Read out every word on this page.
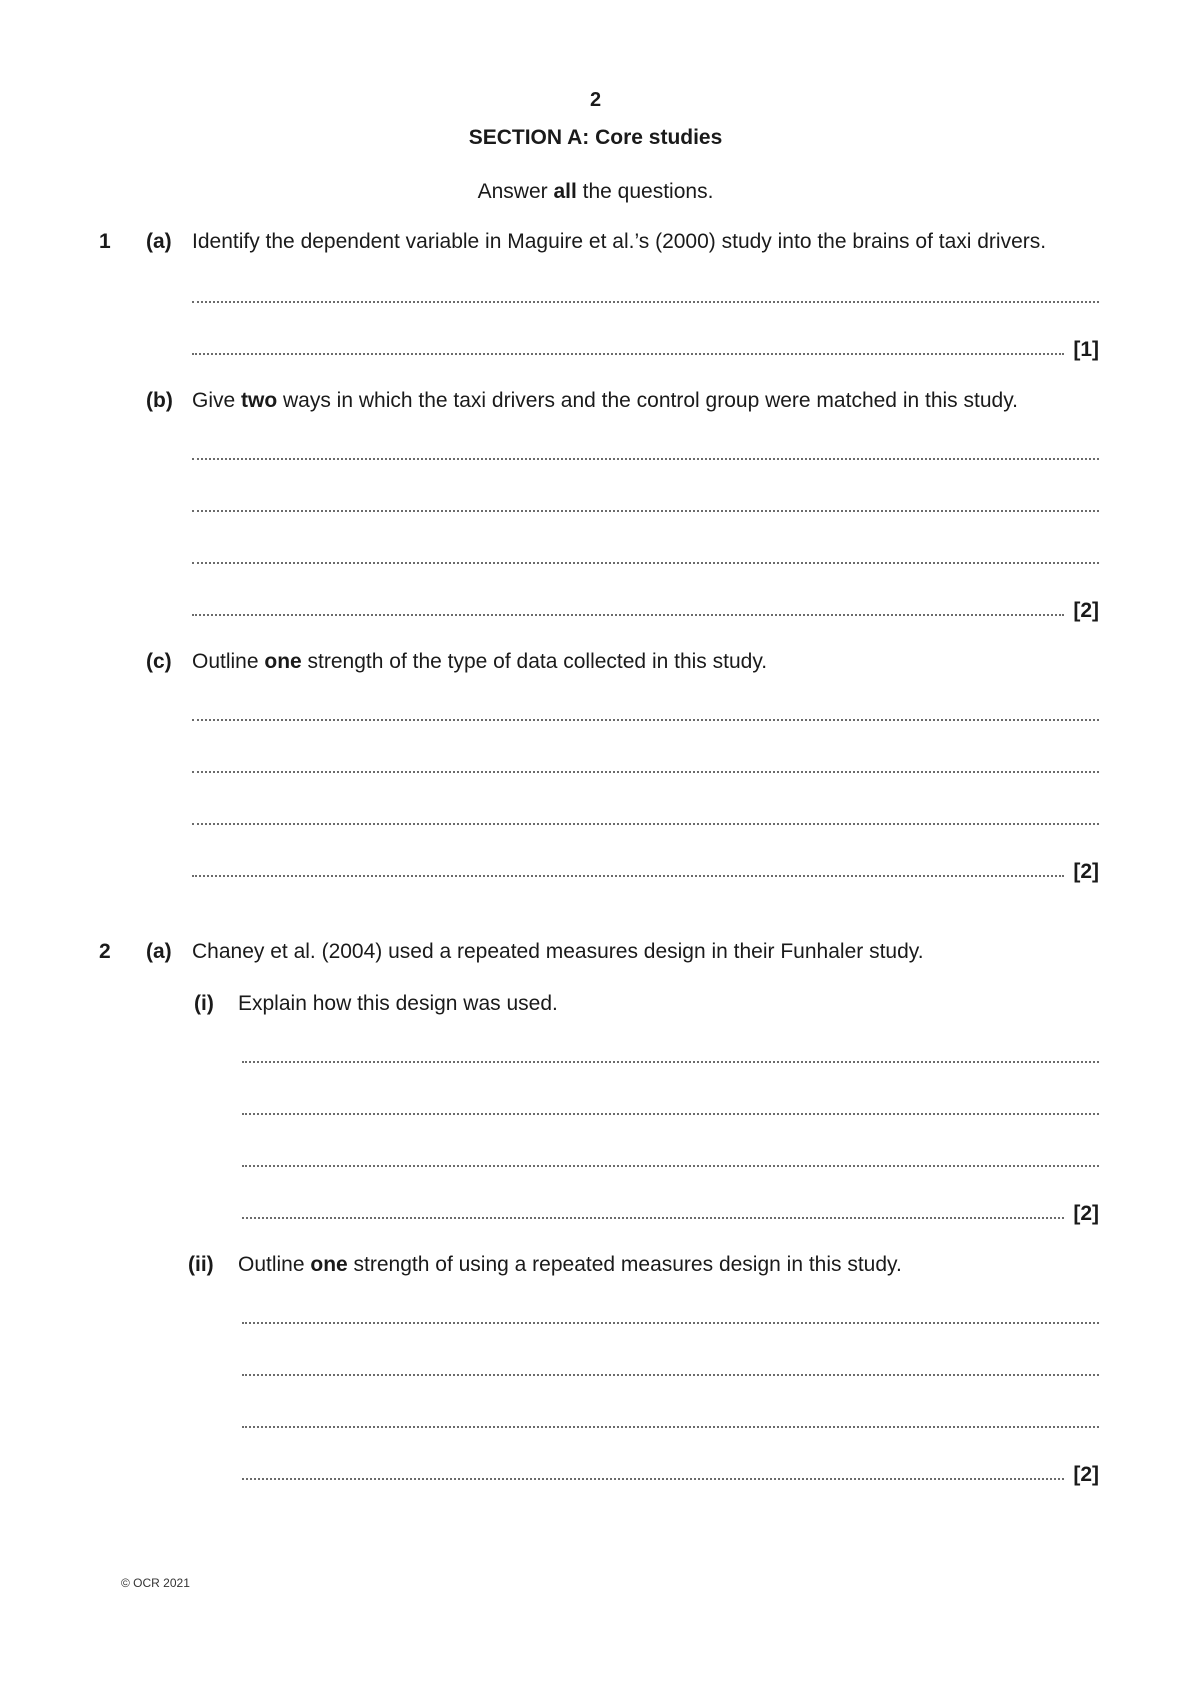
2
SECTION A: Core studies
Answer all the questions.
1 (a) Identify the dependent variable in Maguire et al.’s (2000) study into the brains of taxi drivers.
[1]
(b) Give two ways in which the taxi drivers and the control group were matched in this study.
[2]
(c) Outline one strength of the type of data collected in this study.
[2]
2 (a) Chaney et al. (2004) used a repeated measures design in their Funhaler study.
(i) Explain how this design was used.
[2]
(ii) Outline one strength of using a repeated measures design in this study.
[2]
© OCR 2021
